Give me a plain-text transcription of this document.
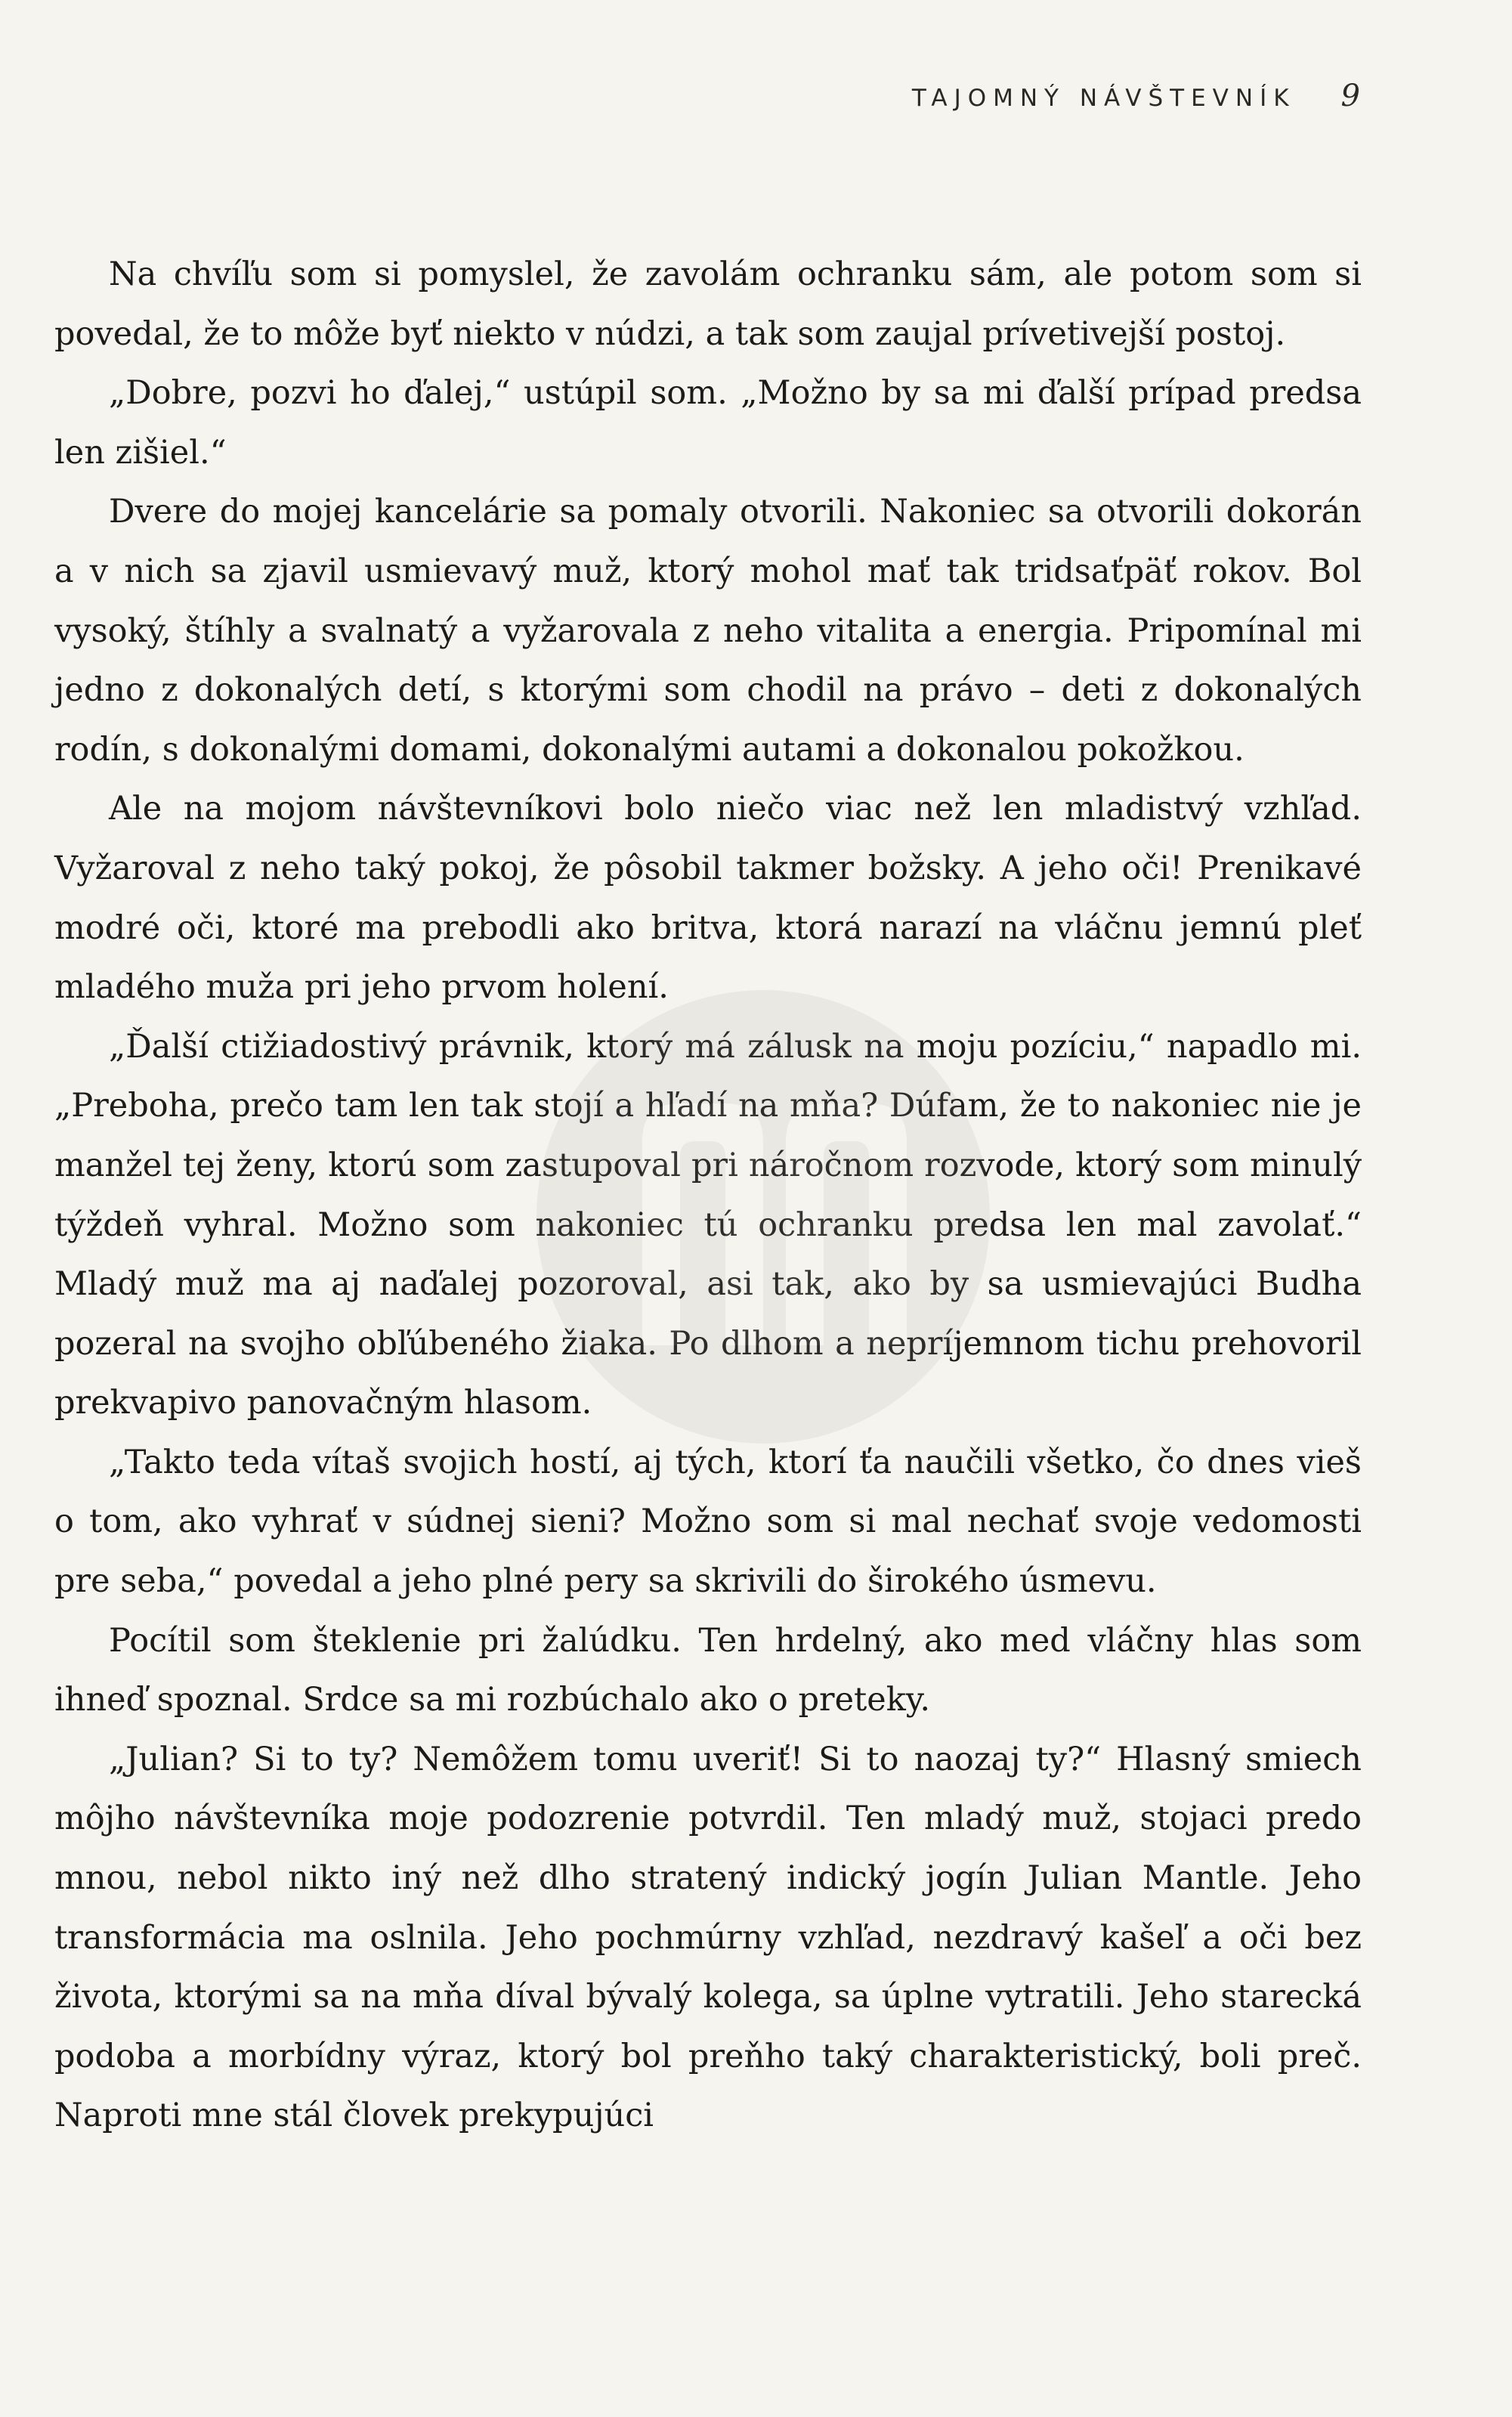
TAJOMNÝ NÁVŠTEVNÍK 9

Na chvíľu som si pomyslel, že zavolám ochranku sám, ale potom som si povedal, že to môže byť niekto v núdzi, a tak som zaujal prívetivejší postoj.

„Dobre, pozvi ho ďalej,“ ustúpil som. „Možno by sa mi ďalší prípad predsa len zišiel.“

Dvere do mojej kancelárie sa pomaly otvorili. Nakoniec sa otvorili dokorán a v nich sa zjavil usmievavý muž, ktorý mohol mať tak tridsaťpäť rokov. Bol vysoký, štíhly a svalnatý a vyžarovala z neho vitalita a energia. Pripomínal mi jedno z dokonalých detí, s ktorými som chodil na právo – deti z dokonalých rodín, s dokonalými domami, dokonalými autami a dokonalou pokožkou.

Ale na mojom návštevníkovi bolo niečo viac než len mladistvý vzhľad. Vyžaroval z neho taký pokoj, že pôsobil takmer božsky. A jeho oči! Prenikavé modré oči, ktoré ma prebodli ako britva, ktorá narazí na vláčnu jemnú pleť mladého muža pri jeho prvom holení.

„Ďalší ctižiadostivý právnik, ktorý má zálusk na moju pozíciu,“ napadlo mi. „Preboha, prečo tam len tak stojí a hľadí na mňa? Dúfam, že to nakoniec nie je manžel tej ženy, ktorú som zastupoval pri náročnom rozvode, ktorý som minulý týždeň vyhral. Možno som nakoniec tú ochranku predsa len mal zavolať.“ Mladý muž ma aj naďalej pozoroval, asi tak, ako by sa usmievajúci Budha pozeral na svojho obľúbeného žiaka. Po dlhom a nepríjemnom tichu prehovoril prekvapivo panovačným hlasom.

„Takto teda vítaš svojich hostí, aj tých, ktorí ťa naučili všetko, čo dnes vieš o tom, ako vyhrať v súdnej sieni? Možno som si mal nechať svoje vedomosti pre seba,“ povedal a jeho plné pery sa skrivili do širokého úsmevu.

Pocítil som šteklenie pri žalúdku. Ten hrdelný, ako med vláčny hlas som ihneď spoznal. Srdce sa mi rozbúchalo ako o preteky.

„Julian? Si to ty? Nemôžem tomu uveriť! Si to naozaj ty?“ Hlasný smiech môjho návštevníka moje podozrenie potvrdil. Ten mladý muž, stojaci predo mnou, nebol nikto iný než dlho stratený indický jogín Julian Mantle. Jeho transformácia ma oslnila. Jeho pochmúrny vzhľad, nezdravý kašeľ a oči bez života, ktorými sa na mňa díval bývalý kolega, sa úplne vytratili. Jeho starecká podoba a morbídny výraz, ktorý bol preňho taký charakteristický, boli preč. Naproti mne stál človek prekypujúci
